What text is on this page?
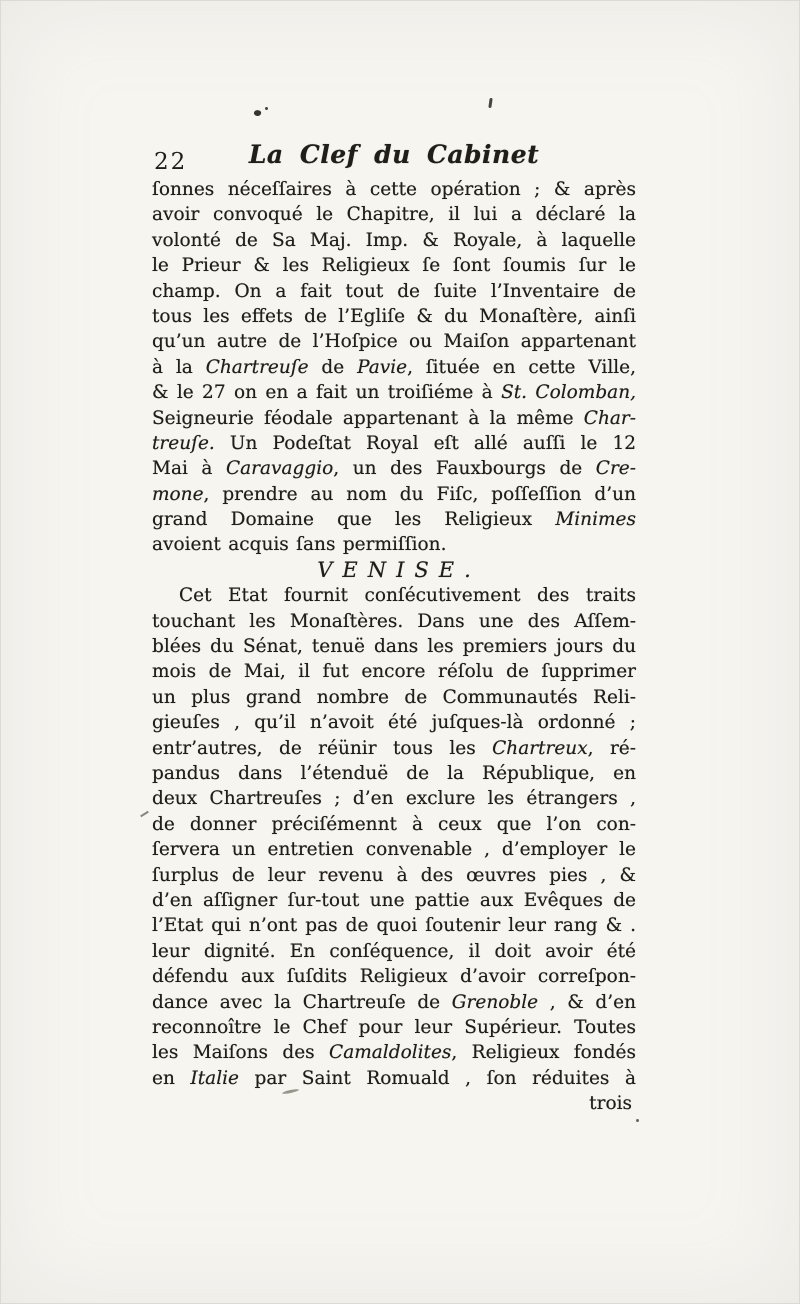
22	La Clef du Cabinet
ſonnes néceſſaires à cette opération ; & après
avoir convoqué le Chapitre, il lui a déclaré la
volonté de Sa Maj. Imp. & Royale, à laquelle
le Prieur & les Religieux ſe ſont ſoumis ſur le
champ. On a fait tout de ſuite l’Inventaire de
tous les effets de l’Egliſe & du Monaſtère, ainſi
qu’un autre de l’Hoſpice ou Maiſon appartenant
à la Chartreuſe de Pavie, ſituée en cette Ville,
& le 27 on en a fait un troiſiéme à St. Colomban,
Seigneurie féodale appartenant à la même Char-
treuſe. Un Podeſtat Royal eſt allé auſſi le 12
Mai à Caravaggio, un des Fauxbourgs de Cre-
mone, prendre au nom du Fiſc, poſſeſſion d’un
grand Domaine que les Religieux Minimes
avoient acquis ſans permiſſion.
VENISE.
Cet Etat fournit conſécutivement des traits
touchant les Monaſtères. Dans une des Aſſem-
blées du Sénat, tenuë dans les premiers jours du
mois de Mai, il fut encore réſolu de ſupprimer
un plus grand nombre de Communautés Reli-
gieuſes , qu’il n’avoit été juſques-là ordonné ;
entr’autres, de réünir tous les Chartreux, ré-
pandus dans l’étenduë de la République, en
deux Chartreuſes ; d’en exclure les étrangers ,
de donner préciſémennt à ceux que l’on con-
ſervera un entretien convenable , d’employer le
ſurplus de leur revenu à des œuvres pies , &
d’en aſſigner ſur-tout une pattie aux Evêques de
l’Etat qui n’ont pas de quoi ſoutenir leur rang & .
leur dignité. En conſéquence, il doit avoir été
défendu aux ſuſdits Religieux d’avoir correſpon-
dance avec la Chartreuſe de Grenoble , & d’en
reconnoître le Chef pour leur Supérieur. Toutes
les Maiſons des Camaldolites, Religieux fondés
en Italie par Saint Romuald , ſon réduites à
trois
